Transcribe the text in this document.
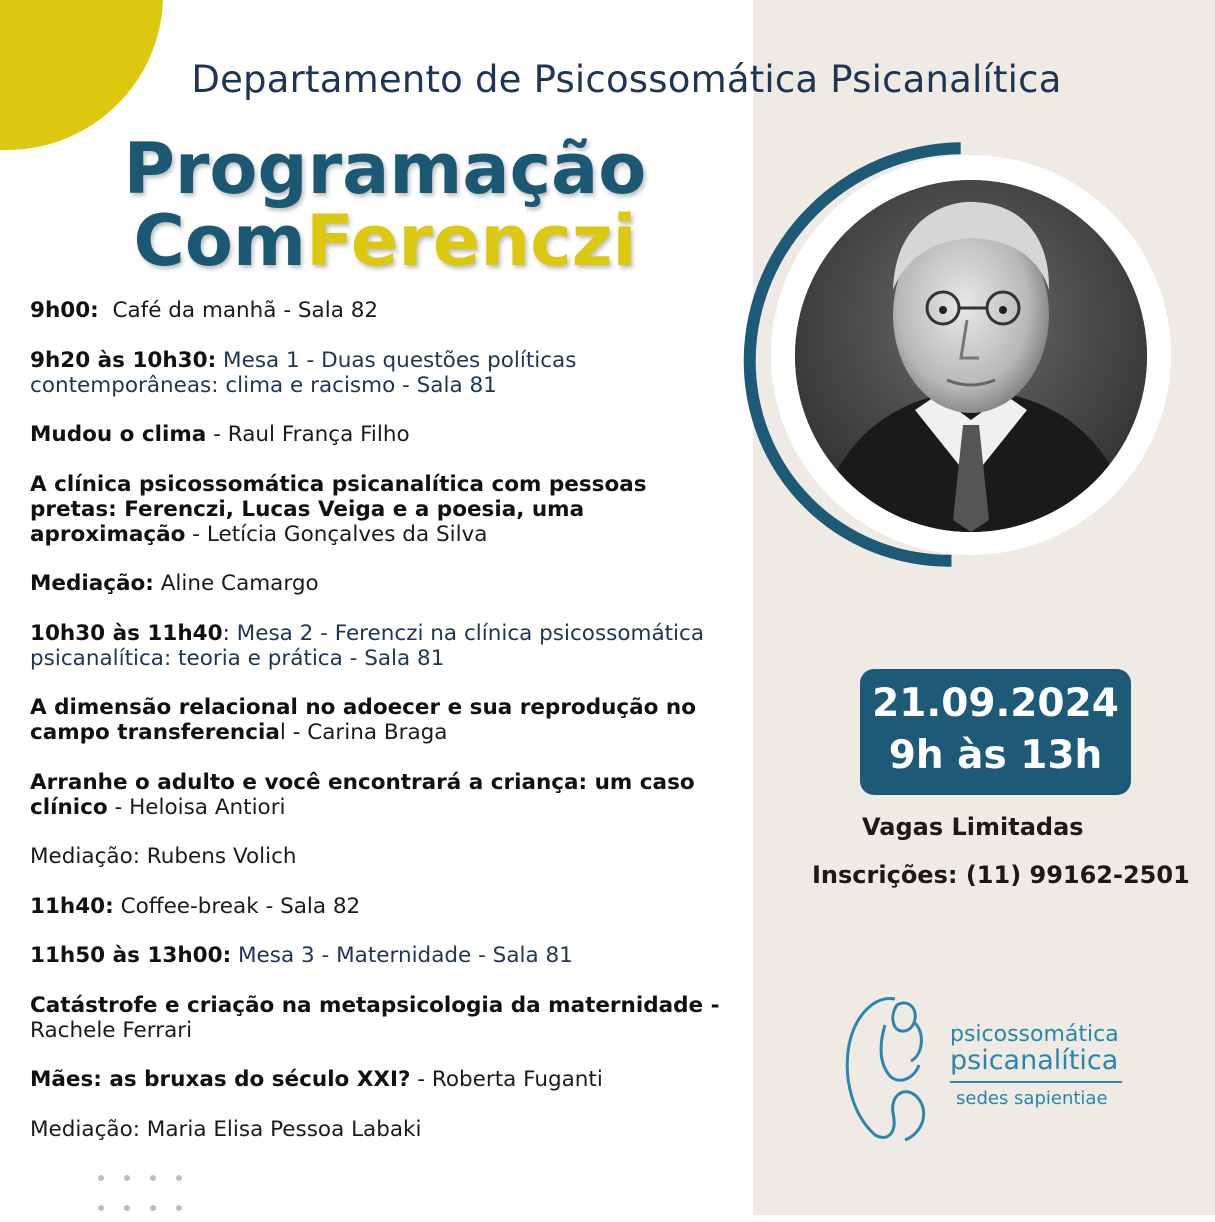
Departamento de Psicossomática Psicanalítica
Programação
ComFerenczi

9h00:  Café da manhã - Sala 82

9h20 às 10h30: Mesa 1 - Duas questões políticas contemporâneas: clima e racismo - Sala 81

Mudou o clima - Raul França Filho

A clínica psicossomática psicanalítica com pessoas pretas: Ferenczi, Lucas Veiga e a poesia, uma aproximação - Letícia Gonçalves da Silva

Mediação: Aline Camargo

10h30 às 11h40: Mesa 2 - Ferenczi na clínica psicossomática psicanalítica: teoria e prática - Sala 81

A dimensão relacional no adoecer e sua reprodução no campo transferencial - Carina Braga

Arranhe o adulto e você encontrará a criança: um caso clínico - Heloisa Antiori

Mediação: Rubens Volich

11h40: Coffee-break - Sala 82

11h50 às 13h00: Mesa 3 - Maternidade - Sala 81

Catástrofe e criação na metapsicologia da maternidade - Rachele Ferrari

Mães: as bruxas do século XXI? - Roberta Fuganti

Mediação: Maria Elisa Pessoa Labaki

21.09.2024
9h às 13h
Vagas Limitadas
Inscrições: (11) 99162-2501
psicossomática
psicanalítica
sedes sapientiae
